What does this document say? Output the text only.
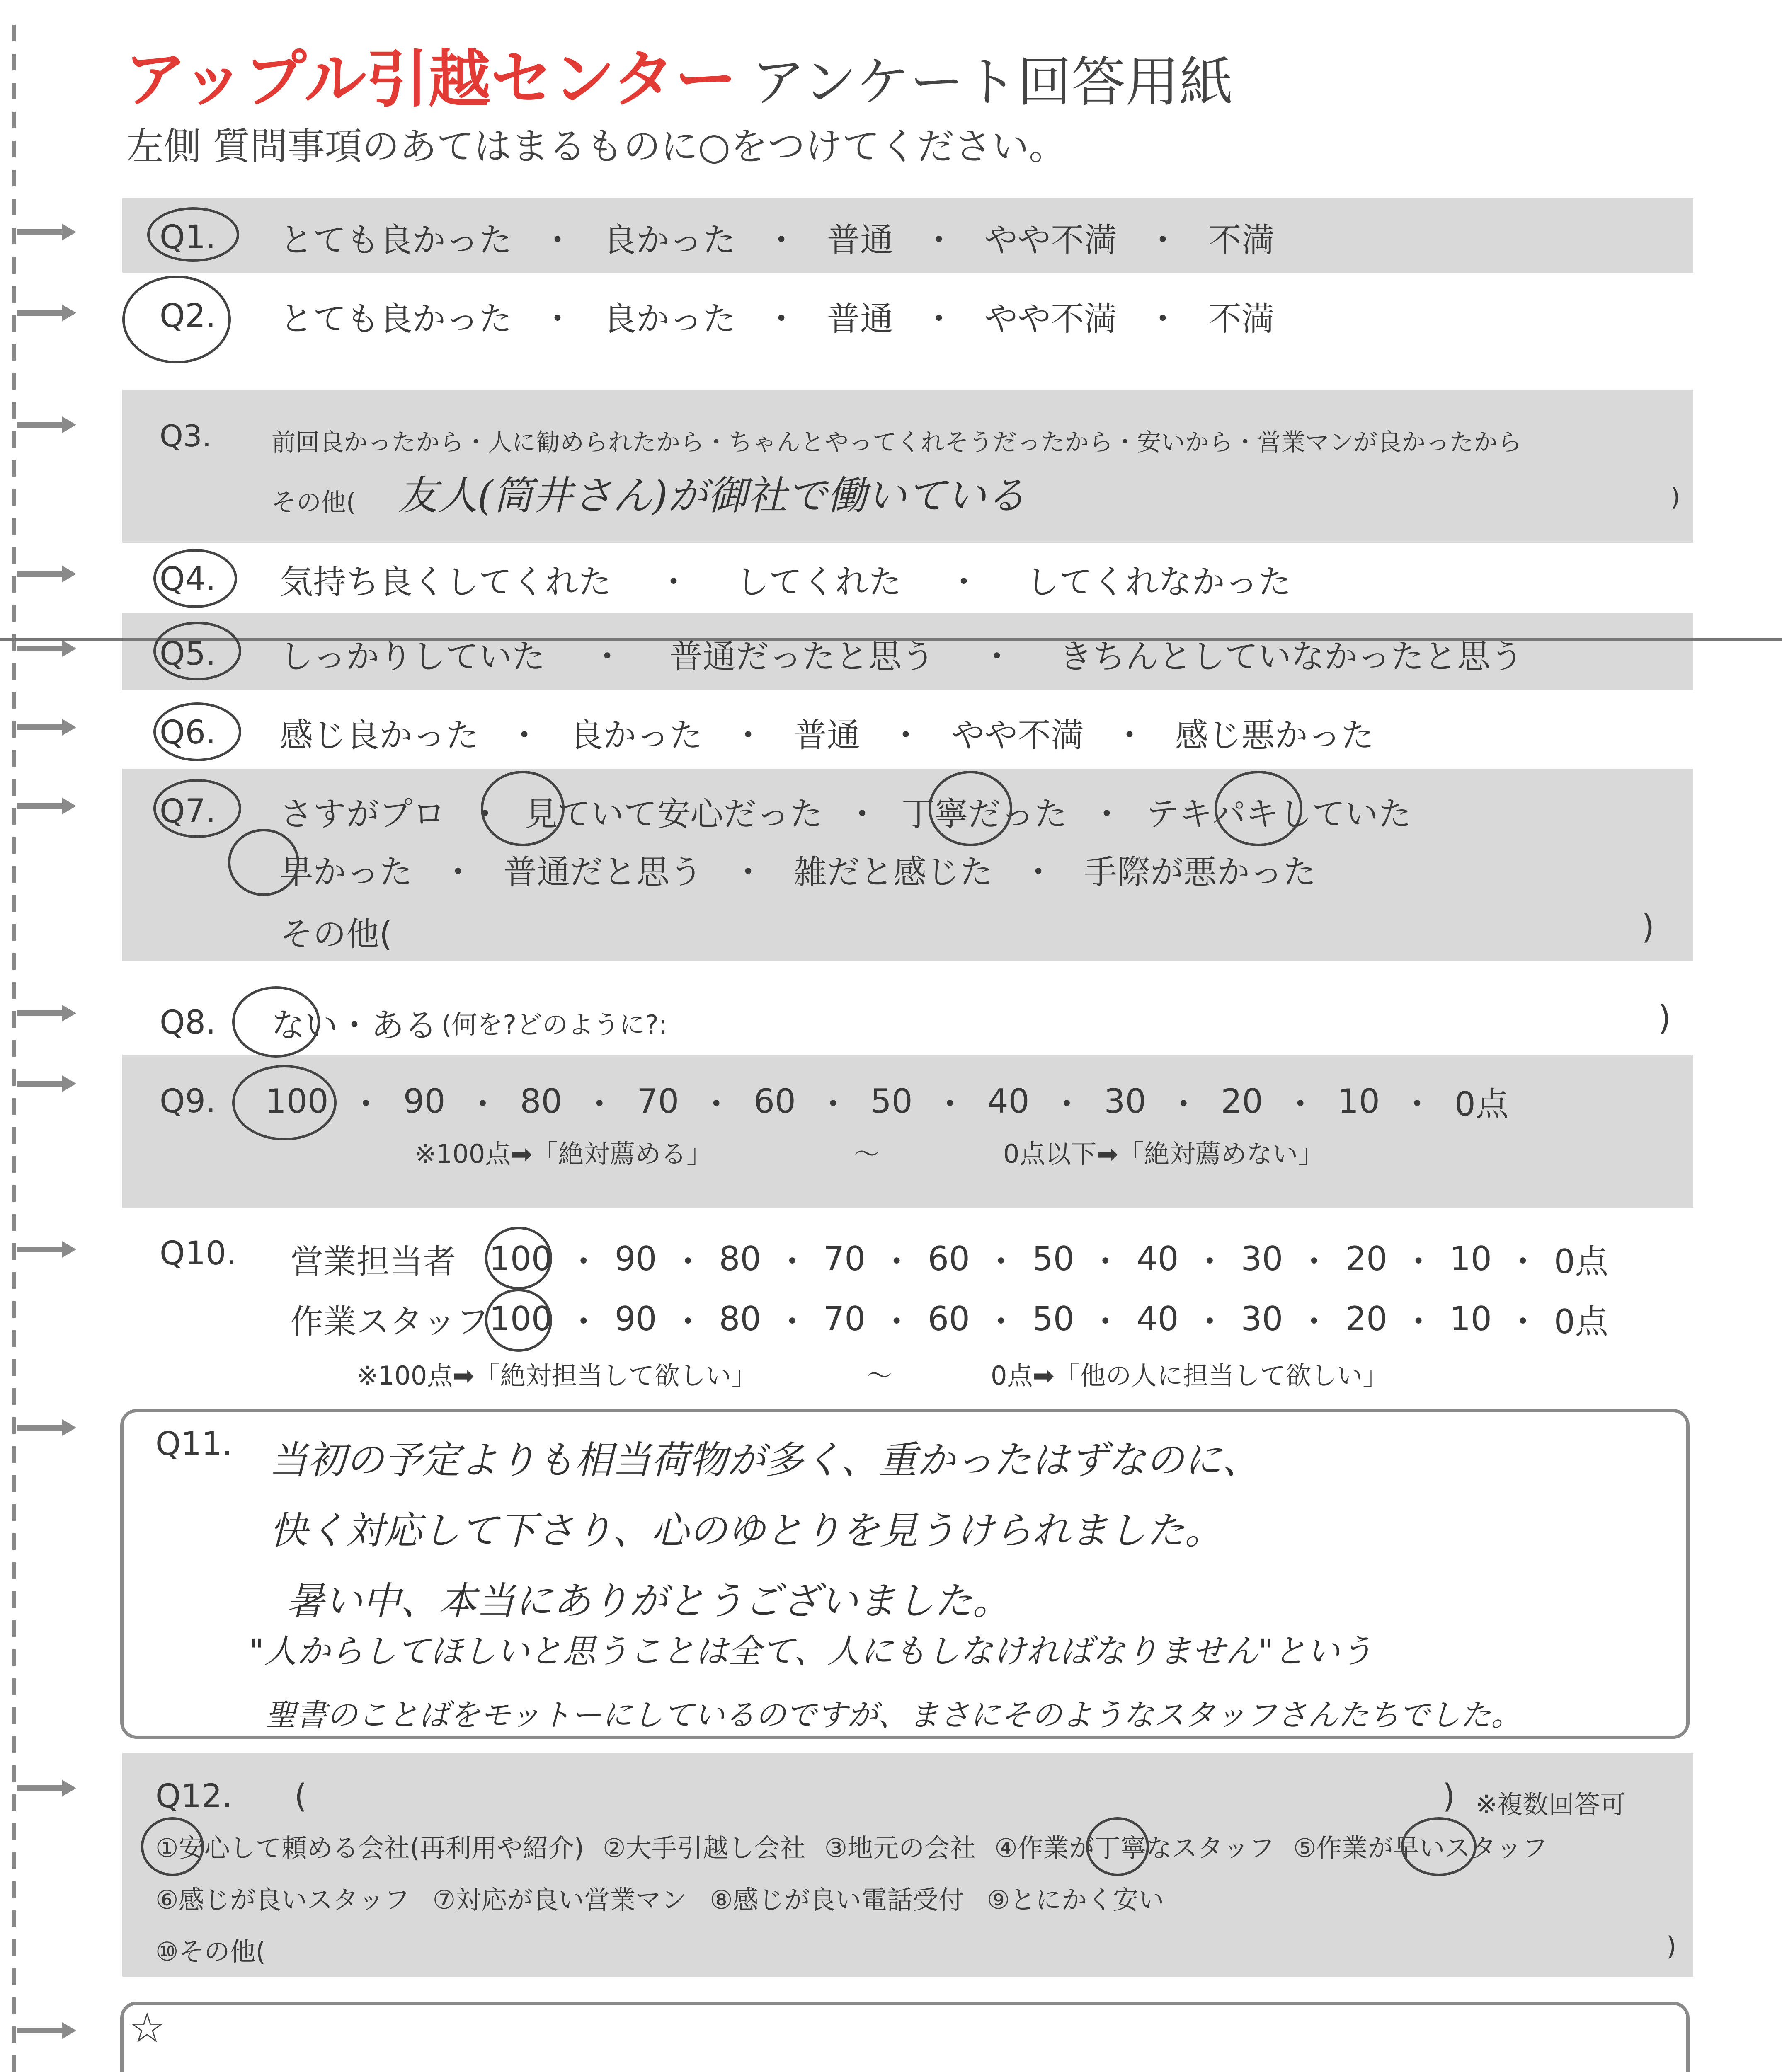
アップル引越センター アンケート回答用紙
左側 質問事項のあてはまるものに○をつけてください。
Q1.	とても良かった ・ 良かった ・ 普通 ・ やや不満 ・ 不満
Q2.	とても良かった ・ 良かった ・ 普通 ・ やや不満 ・ 不満
Q3. 前回良かったから・人に勧められたから・ちゃんとやってくれそうだったから・安いから・営業マンが良かったから
その他( 友人(筒井さん)が御社で働いている	)
Q4.	気持ち良くしてくれた ・ してくれた ・ してくれなかった
Q5.	しっかりしていた ・ 普通だったと思う ・ きちんとしていなかったと思う
Q6.	感じ良かった ・ 良かった ・ 普通 ・ やや不満 ・ 感じ悪かった
Q7.	さすがプロ ・ 見ていて安心だった ・ 丁寧だった ・ テキパキしていた
早かった ・ 普通だと思う ・ 雑だと感じた ・ 手際が悪かった
その他(	)
Q8.	ない ・ ある (何を?どのように?:	)
Q9.	100 ・ 90 ・ 80 ・ 70 ・ 60 ・ 50 ・ 40 ・ 30 ・ 20 ・ 10 ・ 0点
※100点➡「絶対薦める」	～	0点以下➡「絶対薦めない」
Q10. 営業担当者	100 ・ 90 ・ 80 ・ 70 ・ 60 ・ 50 ・ 40 ・ 30 ・ 20 ・ 10 ・ 0点
作業スタッフ 100 ・ 90 ・ 80 ・ 70 ・ 60 ・ 50 ・ 40 ・ 30 ・ 20 ・ 10 ・ 0点
※100点➡「絶対担当して欲しい」	～	0点➡「他の人に担当して欲しい」
Q11. 当初の予定よりも相当荷物が多く、重かったはずなのに、
快く対応して下さり、心のゆとりを見うけられました。
暑い中、本当にありがとうございました。
"人からしてほしいと思うことは全て、人にもしなければなりません"という
聖書のことばをモットーにしているのですが、まさにそのようなスタッフさんたちでした。
Q12. (	) ※複数回答可
①安心して頼める会社(再利用や紹介) ②大手引越し会社 ③地元の会社 ④作業が丁寧なスタッフ ⑤作業が早いスタッフ
⑥感じが良いスタッフ ⑦対応が良い営業マン ⑧感じが良い電話受付 ⑨とにかく安い
⑩その他(	)
☆
